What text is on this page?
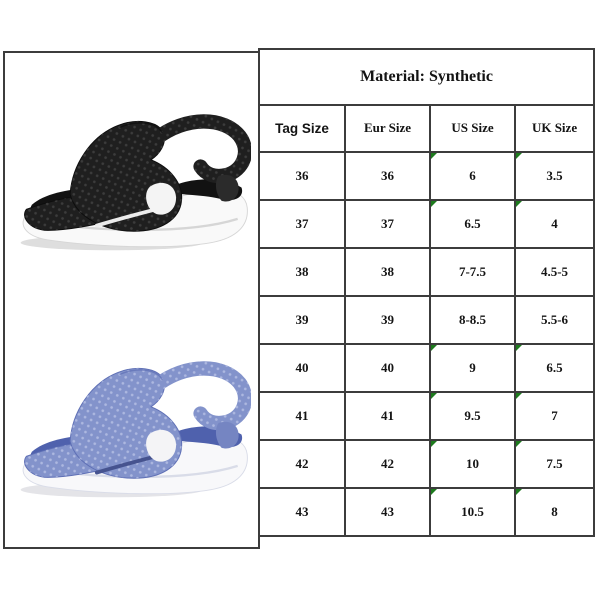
Material: Synthetic			
Tag Size	Eur Size	US Size	UK Size
36	36	6	3.5
37	37	6.5	4
38	38	7-7.5	4.5-5
39	39	8-8.5	5.5-6
40	40	9	6.5
41	41	9.5	7
42	42	10	7.5
43	43	10.5	8
